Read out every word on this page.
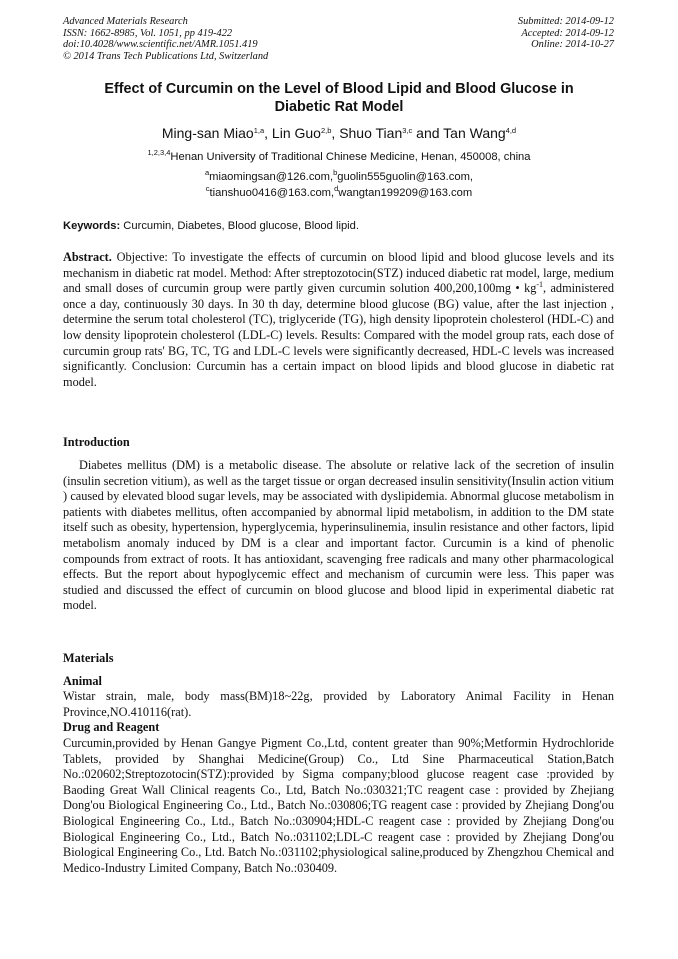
Advanced Materials Research
ISSN: 1662-8985, Vol. 1051, pp 419-422
doi:10.4028/www.scientific.net/AMR.1051.419
© 2014 Trans Tech Publications Ltd, Switzerland
Submitted: 2014-09-12
Accepted: 2014-09-12
Online: 2014-10-27
Effect of Curcumin on the Level of Blood Lipid and Blood Glucose in
Diabetic Rat Model
Ming-san Miao$^{1,a}$, Lin Guo$^{2,b}$, Shuo Tian$^{3,c}$ and Tan Wang$^{4,d}$
$^{1,2,3,4}$Henan University of Traditional Chinese Medicine, Henan, 450008, china
$^a$miaomingsan@126.com,$^b$guolin555guolin@163.com,
$^c$tianshuo0416@163.com,$^d$wangtan199209@163.com
Keywords: Curcumin, Diabetes, Blood glucose, Blood lipid.
Abstract. Objective: To investigate the effects of curcumin on blood lipid and blood glucose levels and its mechanism in diabetic rat model. Method: After streptozotocin(STZ) induced diabetic rat model, large, medium and small doses of curcumin group were partly given curcumin solution 400,200,100mg • $kg^{-1}$, administered once a day, continuously 30 days. In 30 th day, determine blood glucose (BG) value, after the last injection , determine the serum total cholesterol (TC), triglyceride (TG), high density lipoprotein cholesterol (HDL-C) and low density lipoprotein cholesterol (LDL-C) levels. Results: Compared with the model group rats, each dose of curcumin group rats' BG, TC, TG and LDL-C levels were significantly decreased, HDL-C levels was increased significantly. Conclusion: Curcumin has a certain impact on blood lipids and blood glucose in diabetic rat model.
Introduction
Diabetes mellitus (DM) is a metabolic disease. The absolute or relative lack of the secretion of insulin (insulin secretion vitium), as well as the target tissue or organ decreased insulin sensitivity(Insulin action vitium ) caused by elevated blood sugar levels, may be associated with dyslipidemia. Abnormal glucose metabolism in patients with diabetes mellitus, often accompanied by abnormal lipid metabolism, in addition to the DM state itself such as obesity, hypertension, hyperglycemia, hyperinsulinemia, insulin resistance and other factors, lipid metabolism anomaly induced by DM is a clear and important factor. Curcumin is a kind of phenolic compounds from extract of roots. It has antioxidant, scavenging free radicals and many other pharmacological effects. But the report about hypoglycemic effect and mechanism of curcumin were less. This paper was studied and discussed the effect of curcumin on blood glucose and blood lipid in experimental diabetic rat model.
Materials
Animal
Wistar strain, male, body mass(BM)18~22g, provided by Laboratory Animal Facility in Henan Province,NO.410116(rat).
Drug and Reagent
Curcumin,provided by Henan Gangye Pigment Co.,Ltd, content greater than 90%;Metformin Hydrochloride Tablets, provided by Shanghai Medicine(Group) Co., Ltd Sine Pharmaceutical Station,Batch No.:020602;Streptozotocin(STZ):provided by Sigma company;blood glucose reagent case :provided by Baoding Great Wall Clinical reagents Co., Ltd, Batch No.:030321;TC reagent case : provided by Zhejiang Dong'ou Biological Engineering Co., Ltd., Batch No.:030806;TG reagent case : provided by Zhejiang Dong'ou Biological Engineering Co., Ltd., Batch No.:030904;HDL-C reagent case : provided by Zhejiang Dong'ou Biological Engineering Co., Ltd., Batch No.:031102;LDL-C reagent case : provided by Zhejiang Dong'ou Biological Engineering Co., Ltd. Batch No.:031102;physiological saline,produced by Zhengzhou Chemical and Medico-Industry Limited Company, Batch No.:030409.
